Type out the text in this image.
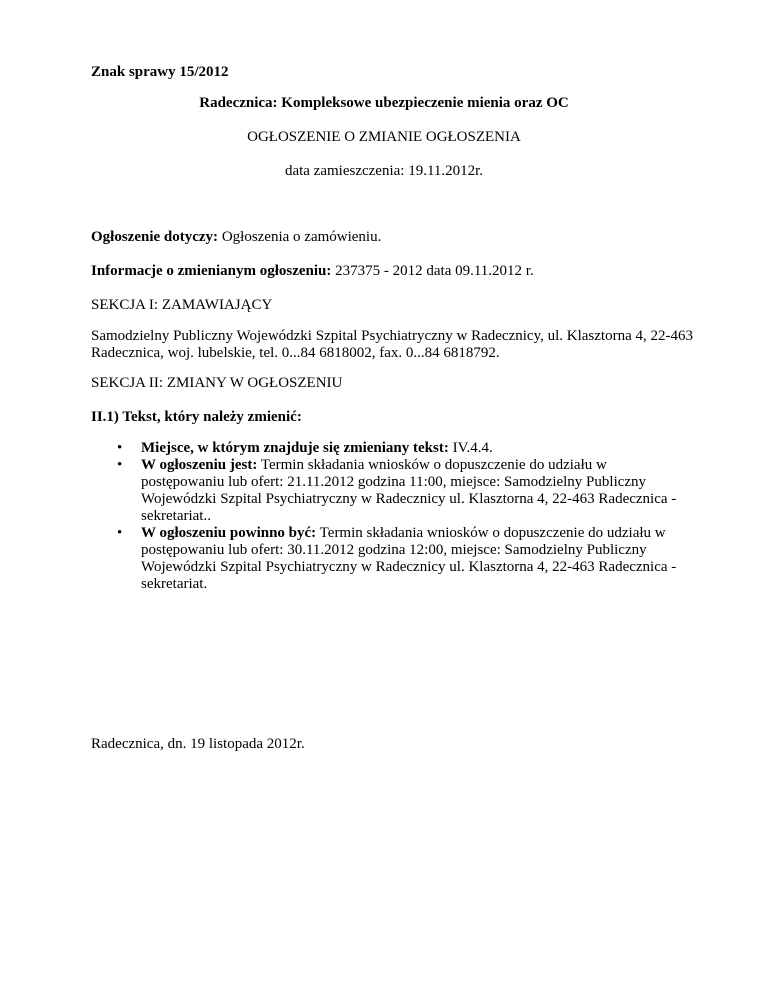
Znak sprawy 15/2012
Radecznica: Kompleksowe ubezpieczenie mienia oraz OC
OGŁOSZENIE O ZMIANIE OGŁOSZENIA
data zamieszczenia: 19.11.2012r.
Ogłoszenie dotyczy: Ogłoszenia o zamówieniu.
Informacje o zmienianym ogłoszeniu: 237375 - 2012 data 09.11.2012 r.
SEKCJA I: ZAMAWIAJĄCY
Samodzielny Publiczny Wojewódzki Szpital Psychiatryczny w Radecznicy, ul. Klasztorna 4, 22-463 Radecznica, woj. lubelskie, tel. 0...84 6818002, fax. 0...84 6818792.
SEKCJA II: ZMIANY W OGŁOSZENIU
II.1) Tekst, który należy zmienić:
• Miejsce, w którym znajduje się zmieniany tekst: IV.4.4.
• W ogłoszeniu jest: Termin składania wniosków o dopuszczenie do udziału w postępowaniu lub ofert: 21.11.2012 godzina 11:00, miejsce: Samodzielny Publiczny Wojewódzki Szpital Psychiatryczny w Radecznicy ul. Klasztorna 4, 22-463 Radecznica - sekretariat..
• W ogłoszeniu powinno być: Termin składania wniosków o dopuszczenie do udziału w postępowaniu lub ofert: 30.11.2012 godzina 12:00, miejsce: Samodzielny Publiczny Wojewódzki Szpital Psychiatryczny w Radecznicy ul. Klasztorna 4, 22-463 Radecznica - sekretariat.
Radecznica, dn. 19 listopada 2012r.
